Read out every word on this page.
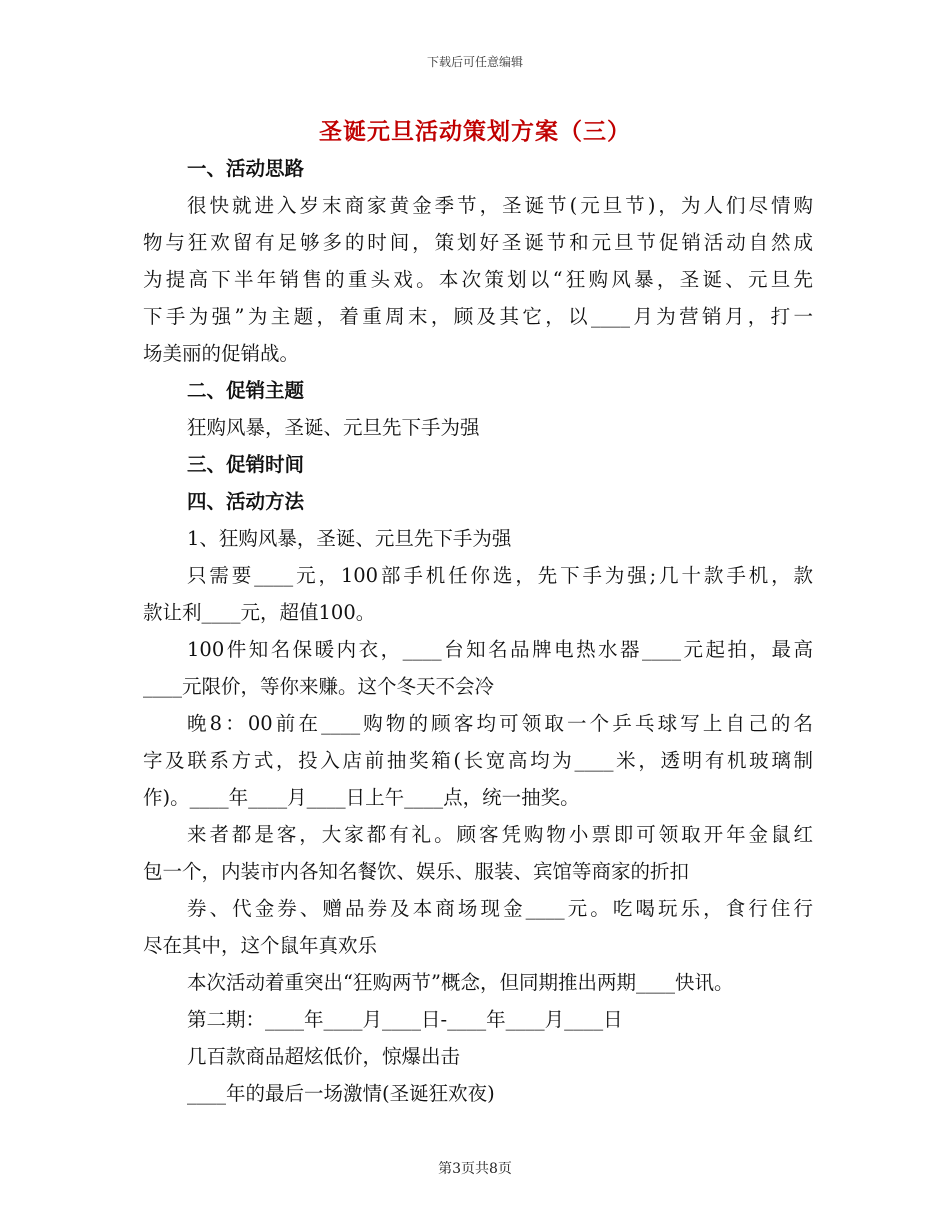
下载后可任意编辑
圣诞元旦活动策划方案（三）

一、活动思路

很快就进入岁末商家黄金季节，圣诞节(元旦节)，为人们尽情购

物与狂欢留有足够多的时间，策划好圣诞节和元旦节促销活动自然成

为提高下半年销售的重头戏。本次策划以“狂购风暴，圣诞、元旦先

下手为强”为主题，着重周末，顾及其它，以____月为营销月，打一

场美丽的促销战。

二、促销主题

狂购风暴，圣诞、元旦先下手为强

三、促销时间

四、活动方法

1、狂购风暴，圣诞、元旦先下手为强

只需要____元，100部手机任你选，先下手为强;几十款手机，款

款让利____元，超值100。

100件知名保暖内衣，____台知名品牌电热水器____元起拍，最高

____元限价，等你来赚。这个冬天不会冷

晚8：00前在____购物的顾客均可领取一个乒乓球写上自己的名

字及联系方式，投入店前抽奖箱(长宽高均为____米，透明有机玻璃制

作)。____年____月____日上午____点，统一抽奖。

来者都是客，大家都有礼。顾客凭购物小票即可领取开年金鼠红

包一个，内装市内各知名餐饮、娱乐、服装、宾馆等商家的折扣

券、代金券、赠品券及本商场现金____元。吃喝玩乐，食行住行

尽在其中，这个鼠年真欢乐

本次活动着重突出“狂购两节”概念，但同期推出两期____快讯。

第二期：____年____月____日-____年____月____日

几百款商品超炫低价，惊爆出击

____年的最后一场激情(圣诞狂欢夜)

第3页共8页
